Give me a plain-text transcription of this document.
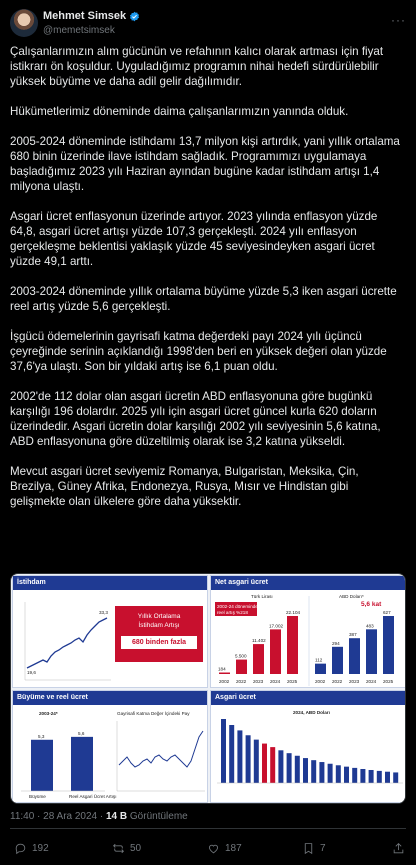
Mehmet Simsek
@memetsimsek
···

Çalışanlarımızın alım gücünün ve refahının kalıcı olarak artması için fiyat istikrarı ön koşuldur. Uyguladığımız programın nihai hedefi sürdürülebilir yüksek büyüme ve daha adil gelir dağılımıdır.

Hükümetlerimiz döneminde daima çalışanlarımızın yanında olduk.

2005-2024 döneminde istihdamı 13,7 milyon kişi artırdık, yani yıllık ortalama 680 binin üzerinde ilave istihdam sağladık. Programımızı uygulamaya başladığımız 2023 yılı Haziran ayından bugüne kadar istihdam artışı 1,4 milyona ulaştı.

Asgari ücret enflasyonun üzerinde artıyor. 2023 yılında enflasyon yüzde 64,8, asgari ücret artışı yüzde 107,3 gerçekleşti. 2024 yılı enflasyon gerçekleşme beklentisi yaklaşık yüzde 45 seviyesindeyken asgari ücret yüzde 49,1 arttı.

2003-2024 döneminde yıllık ortalama büyüme yüzde 5,3 iken asgari ücrette reel artış yüzde 5,6 gerçekleşti.

İşgücü ödemelerinin gayrisafi katma değerdeki payı 2024 yılı üçüncü çeyreğinde serinin açıklandığı 1998'den beri en yüksek değeri olan yüzde 37,6'ya ulaştı. Son bir yıldaki artış ise 6,1 puan oldu.

2002'de 112 dolar olan asgari ücretin ABD enflasyonuna göre bugünkü karşılığı 196 dolardır. 2025 yılı için asgari ücret güncel kurla 620 doların üzerindedir. Asgari ücretin dolar karşılığı 2002 yılı seviyesinin 5,6 katına, ABD enflasyonuna göre düzeltilmiş olarak ise 3,2 katına yükseldi.

Mevcut asgari ücret seviyemiz Romanya, Bulgaristan, Meksika, Çin, Brezilya, Güney Afrika, Endonezya, Rusya, Mısır ve Hindistan gibi gelişmekte olan ülkelere göre daha yüksektir.

İstihdam
19,6
33,3
Yıllık Ortalama
İstihdam Artışı
680 binden fazla
Net asgari ücret
Türk Lirası	ABD Doları*
5,6 kat
2002-24 döneminde
reel artış %218
184
2002
5.500
2022
11.402
2023
17.002
2024
22.104
2025
112
2002
294
2022
387
2023
483
2024
627
2025
Büyüme ve reel ücret
2003-24*
5,3
Büyüme
5,6
Reel Asgari Ücret Artışı
Gayrisafi Katma Değer İçindeki Pay
Asgari ücret
2024, ABD Doları
11:40 · 28 Ara 2024 · 14 B Görüntüleme
192	50	187	7
